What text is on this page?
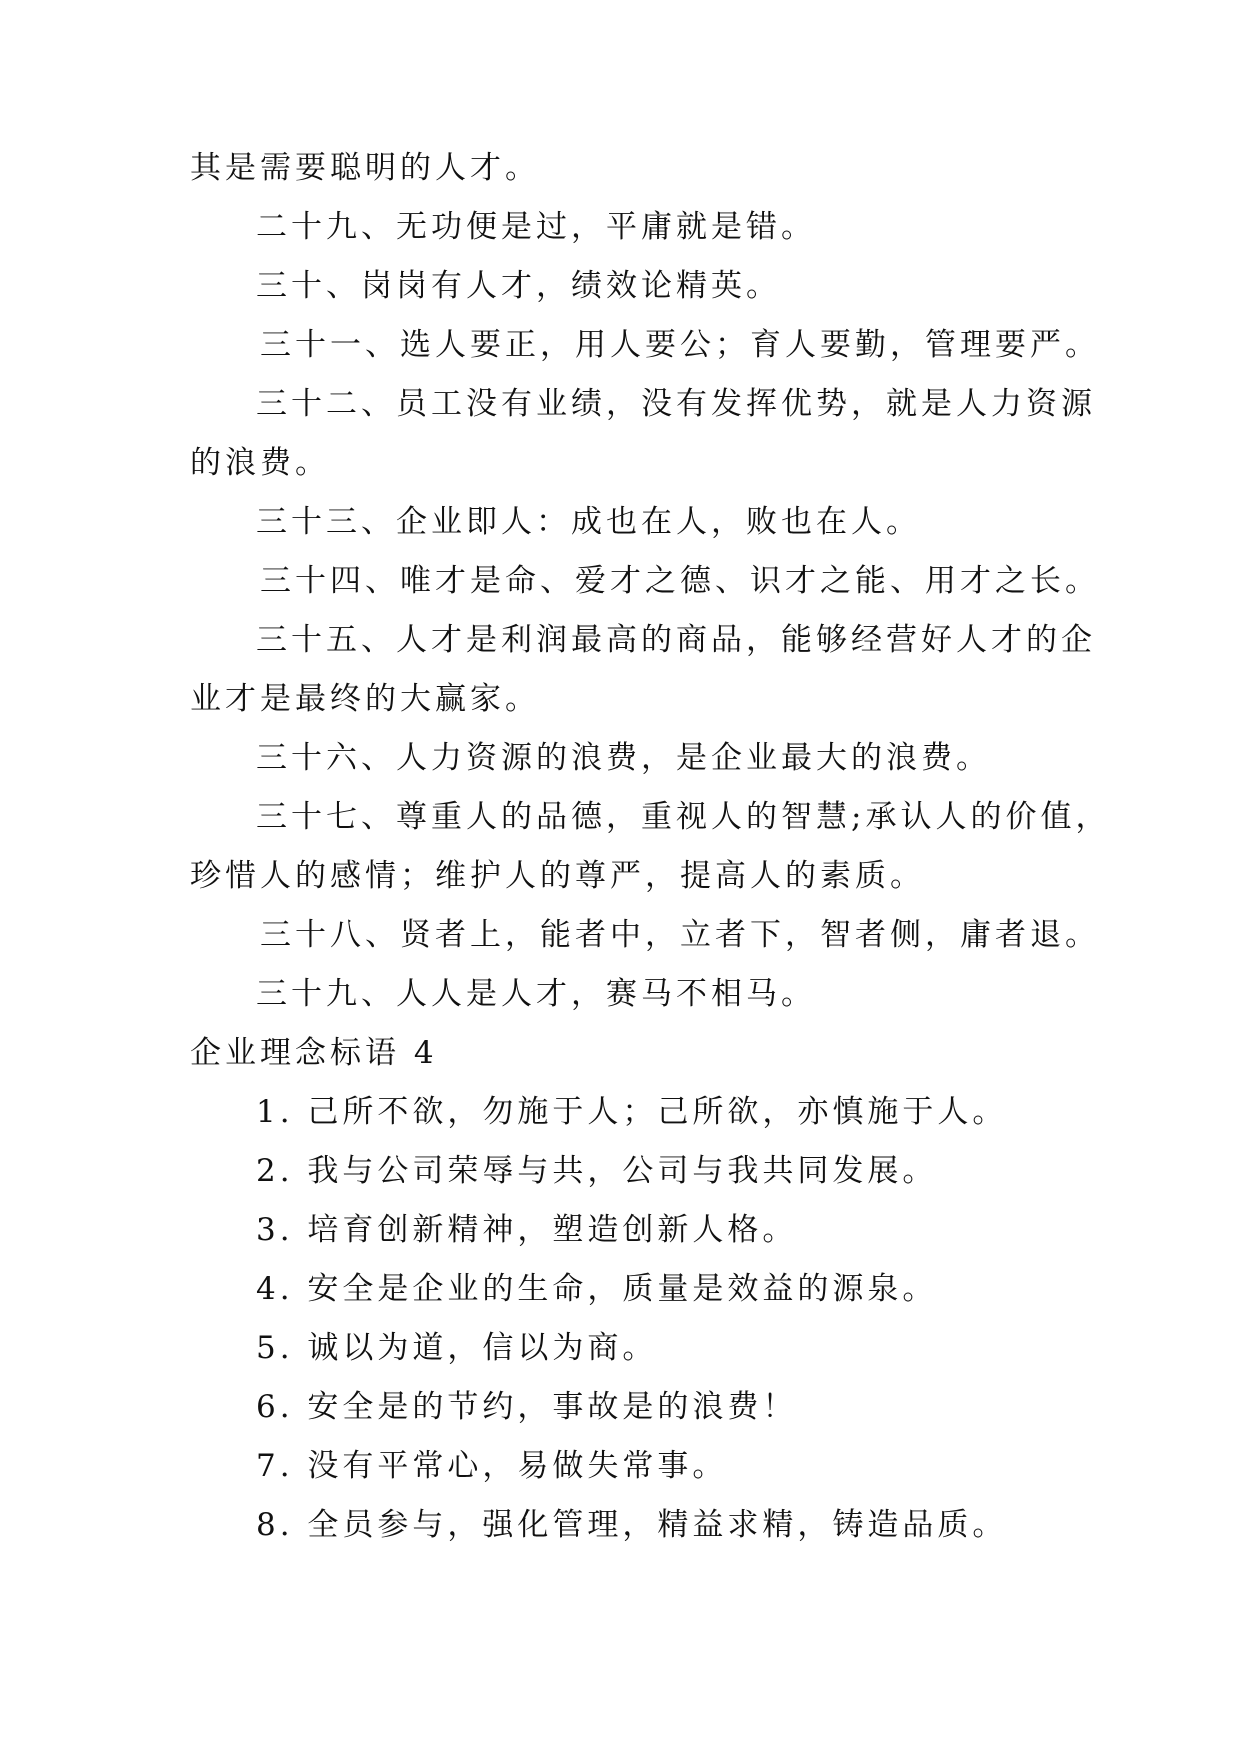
其是需要聪明的人才。
二十九、无功便是过，平庸就是错。
三十、岗岗有人才，绩效论精英。
三十一、选人要正，用人要公；育人要勤，管理要严。
三十二、员工没有业绩，没有发挥优势，就是人力资源
的浪费。
三十三、企业即人：成也在人，败也在人。
三十四、唯才是命、爱才之德、识才之能、用才之长。
三十五、人才是利润最高的商品，能够经营好人才的企
业才是最终的大赢家。
三十六、人力资源的浪费，是企业最大的浪费。
三十七、尊重人的品德，重视人的智慧;承认人的价值，
珍惜人的感情；维护人的尊严，提高人的素质。
三十八、贤者上，能者中，立者下，智者侧，庸者退。
三十九、人人是人才，赛马不相马。
企业理念标语 4
1. 己所不欲，勿施于人；己所欲，亦慎施于人。
2. 我与公司荣辱与共，公司与我共同发展。
3. 培育创新精神，塑造创新人格。
4. 安全是企业的生命，质量是效益的源泉。
5. 诚以为道，信以为商。
6. 安全是的节约，事故是的浪费！
7. 没有平常心，易做失常事。
8. 全员参与，强化管理，精益求精，铸造品质。
